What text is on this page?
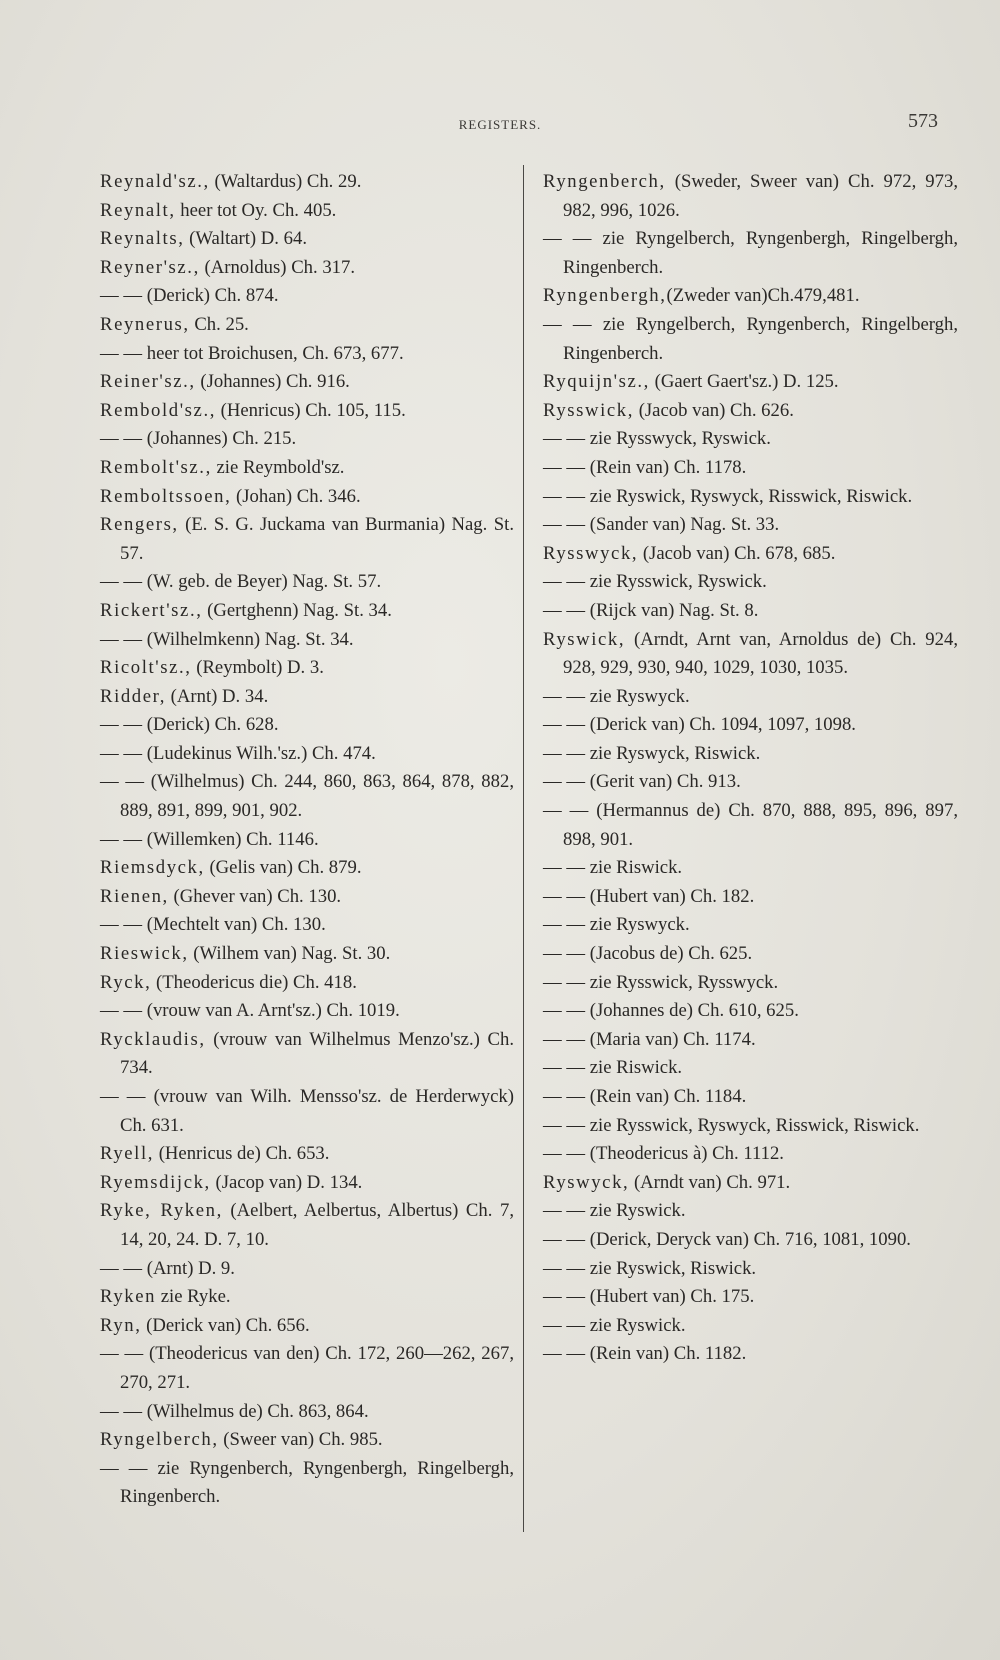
REGISTERS.	573
Reynald'sz., (Waltardus) Ch. 29.
Reynalt, heer tot Oy. Ch. 405.
Reynalts, (Waltart) D. 64.
Reyner'sz., (Arnoldus) Ch. 317.
— — (Derick) Ch. 874.
Reynerus, Ch. 25.
— — heer tot Broichusen, Ch. 673, 677.
Reiner'sz., (Johannes) Ch. 916.
Rembold'sz., (Henricus) Ch. 105, 115.
— — (Johannes) Ch. 215.
Rembolt'sz., zie Reymbold'sz.
Remboltssoen, (Johan) Ch. 346.
Rengers, (E. S. G. Juckama van Burmania) Nag. St. 57.
— — (W. geb. de Beyer) Nag. St. 57.
Rickert'sz., (Gertghenn) Nag. St. 34.
— — (Wilhelmkenn) Nag. St. 34.
Ricolt'sz., (Reymbolt) D. 3.
Ridder, (Arnt) D. 34.
— — (Derick) Ch. 628.
— — (Ludekinus Wilh.'sz.) Ch. 474.
— — (Wilhelmus) Ch. 244, 860, 863, 864, 878, 882, 889, 891, 899, 901, 902.
— — (Willemken) Ch. 1146.
Riemsdyck, (Gelis van) Ch. 879.
Rienen, (Ghever van) Ch. 130.
— — (Mechtelt van) Ch. 130.
Rieswick, (Wilhem van) Nag. St. 30.
Ryck, (Theodericus die) Ch. 418.
— — (vrouw van A. Arnt'sz.) Ch. 1019.
Rycklaudis, (vrouw van Wilhelmus Menzo'sz.) Ch. 734.
— — (vrouw van Wilh. Mensso'sz. de Herderwyck) Ch. 631.
Ryell, (Henricus de) Ch. 653.
Ryemsdijck, (Jacop van) D. 134.
Ryke, Ryken, (Aelbert, Aelbertus, Albertus) Ch. 7, 14, 20, 24. D. 7, 10.
— — (Arnt) D. 9.
Ryken zie Ryke.
Ryn, (Derick van) Ch. 656.
— — (Theodericus van den) Ch. 172, 260—262, 267, 270, 271.
— — (Wilhelmus de) Ch. 863, 864.
Ryngelberch, (Sweer van) Ch. 985.
— — zie Ryngenberch, Ryngenbergh, Ringelbergh, Ringenberch.
Ryngenberch, (Sweder, Sweer van) Ch. 972, 973, 982, 996, 1026.
— — zie Ryngelberch, Ryngenbergh, Ringelbergh, Ringenberch.
Ryngenbergh,(Zweder van)Ch.479,481.
— — zie Ryngelberch, Ryngenberch, Ringelbergh, Ringenberch.
Ryquijn'sz., (Gaert Gaert'sz.) D. 125.
Rysswick, (Jacob van) Ch. 626.
— — zie Rysswyck, Ryswick.
— — (Rein van) Ch. 1178.
— — zie Ryswick, Ryswyck, Risswick, Riswick.
— — (Sander van) Nag. St. 33.
Rysswyck, (Jacob van) Ch. 678, 685.
— — zie Rysswick, Ryswick.
— — (Rijck van) Nag. St. 8.
Ryswick, (Arndt, Arnt van, Arnoldus de) Ch. 924, 928, 929, 930, 940, 1029, 1030, 1035.
— — zie Ryswyck.
— — (Derick van) Ch. 1094, 1097, 1098.
— — zie Ryswyck, Riswick.
— — (Gerit van) Ch. 913.
— — (Hermannus de) Ch. 870, 888, 895, 896, 897, 898, 901.
— — zie Riswick.
— — (Hubert van) Ch. 182.
— — zie Ryswyck.
— — (Jacobus de) Ch. 625.
— — zie Rysswick, Rysswyck.
— — (Johannes de) Ch. 610, 625.
— — (Maria van) Ch. 1174.
— — zie Riswick.
— — (Rein van) Ch. 1184.
— — zie Rysswick, Ryswyck, Risswick, Riswick.
— — (Theodericus à) Ch. 1112.
Ryswyck, (Arndt van) Ch. 971.
— — zie Ryswick.
— — (Derick, Deryck van) Ch. 716, 1081, 1090.
— — zie Ryswick, Riswick.
— — (Hubert van) Ch. 175.
— — zie Ryswick.
— — (Rein van) Ch. 1182.
